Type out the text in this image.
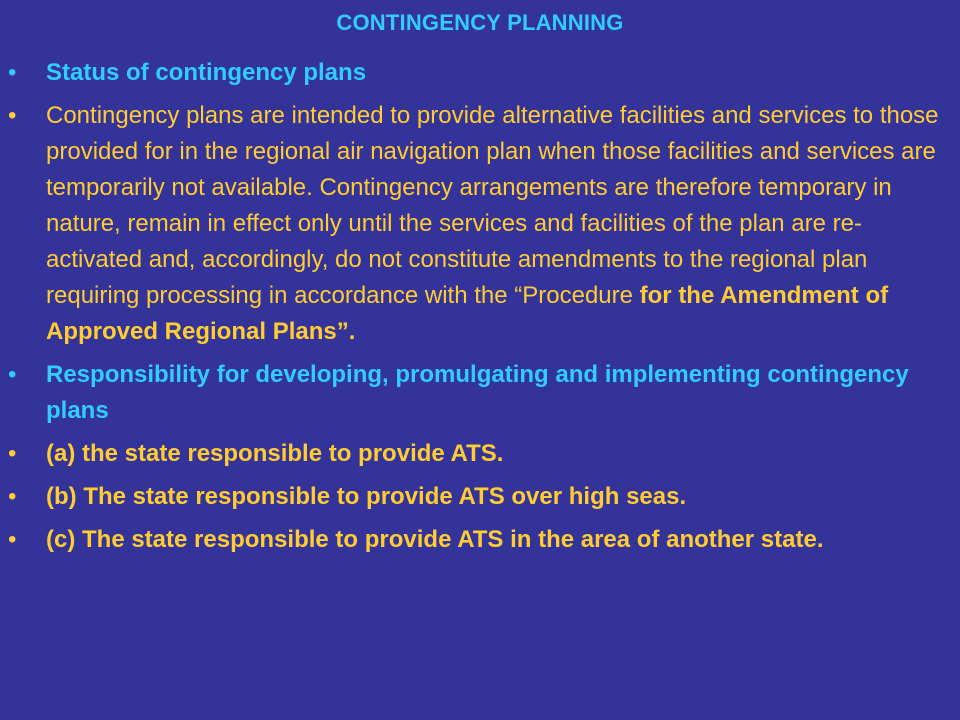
CONTINGENCY PLANNING
• Status of contingency plans
• Contingency plans are intended to provide alternative facilities and services to those provided for in the regional air navigation plan when those facilities and services are temporarily not available. Contingency arrangements are therefore temporary in nature, remain in effect only until the services and facilities of the plan are re-activated and, accordingly, do not constitute amendments to the regional plan requiring processing in accordance with the “Procedure for the Amendment of Approved Regional Plans”.
• Responsibility for developing, promulgating and implementing contingency plans
• (a) the state responsible to provide ATS.
• (b) The state responsible to provide ATS over high seas.
• (c) The state responsible to provide ATS in the area of another state.
